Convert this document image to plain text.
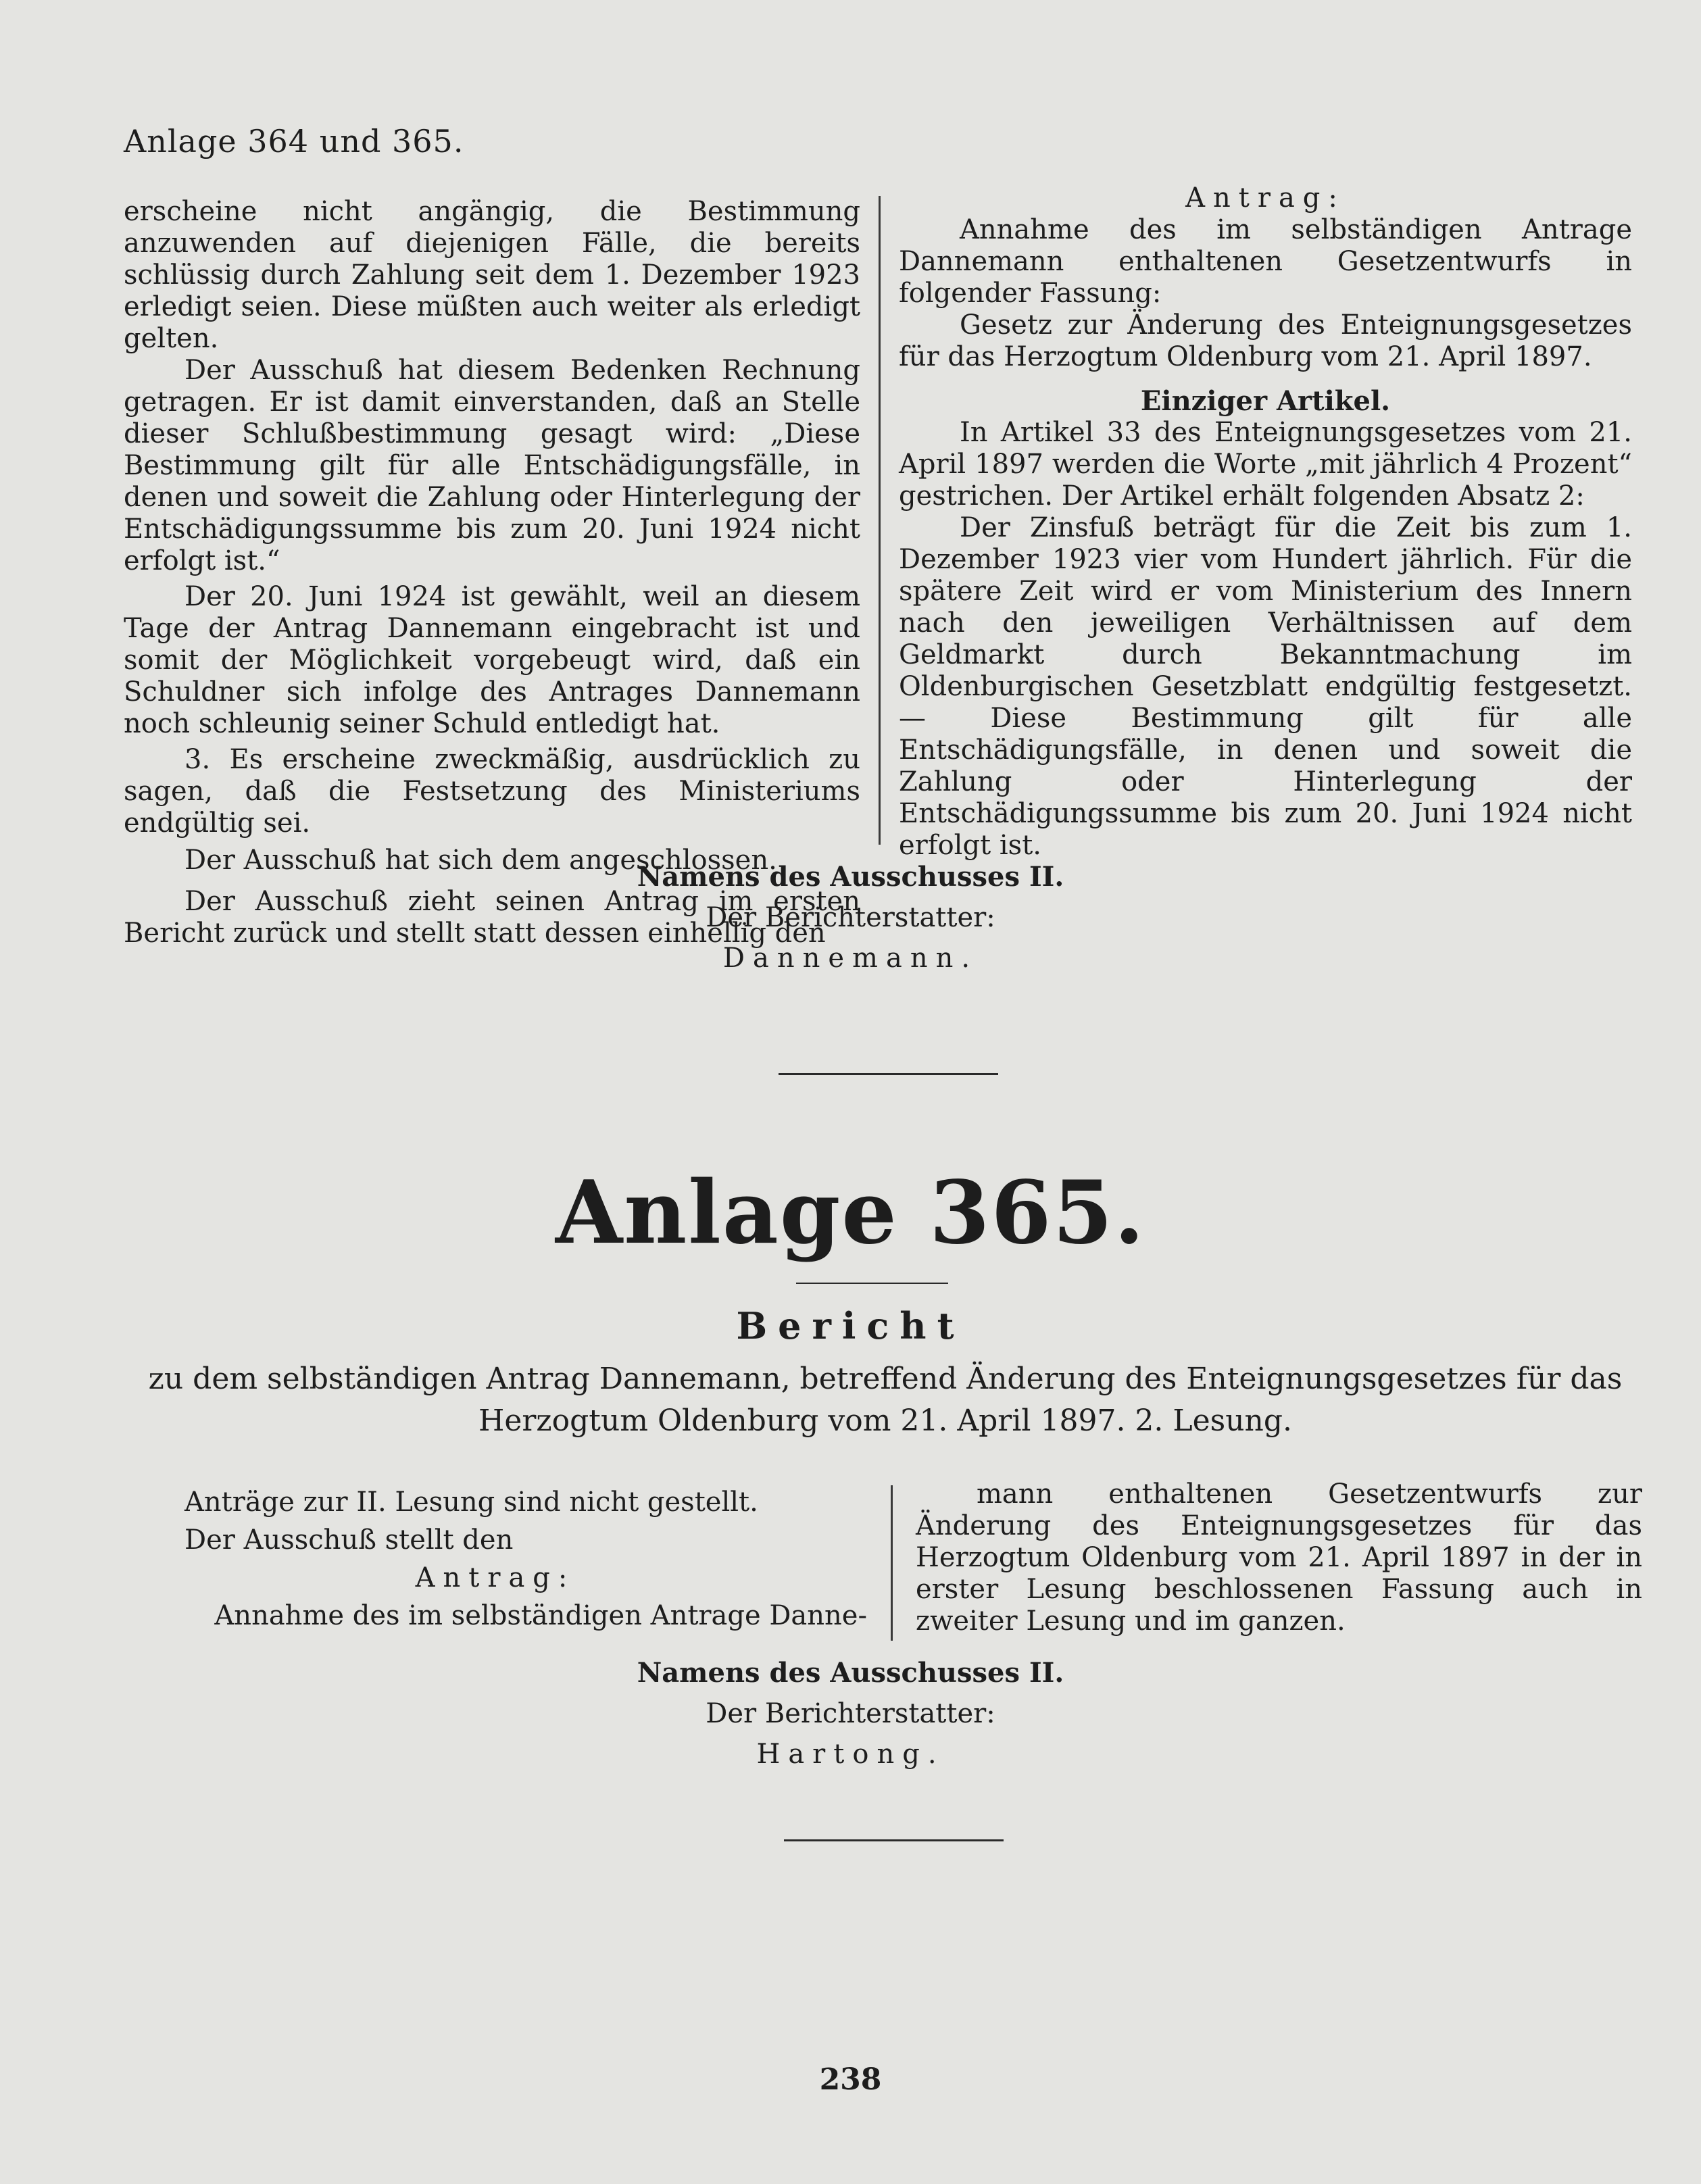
Anlage 364 und 365.

erscheine nicht angängig, die Bestimmung anzuwenden auf diejenigen Fälle, die bereits schlüssig durch Zahlung seit dem 1. Dezember 1923 erledigt seien. Diese müßten auch weiter als erledigt gelten.

Der Ausschuß hat diesem Bedenken Rechnung getragen. Er ist damit einverstanden, daß an Stelle dieser Schlußbestimmung gesagt wird: „Diese Bestimmung gilt für alle Entschädigungsfälle, in denen und soweit die Zahlung oder Hinterlegung der Entschädigungssumme bis zum 20. Juni 1924 nicht erfolgt ist.“

Der 20. Juni 1924 ist gewählt, weil an diesem Tage der Antrag Dannemann eingebracht ist und somit der Möglichkeit vorgebeugt wird, daß ein Schuldner sich infolge des Antrages Dannemann noch schleunig seiner Schuld entledigt hat.

3. Es erscheine zweckmäßig, ausdrücklich zu sagen, daß die Festsetzung des Ministeriums endgültig sei.

Der Ausschuß hat sich dem angeschlossen.

Der Ausschuß zieht seinen Antrag im ersten Bericht zurück und stellt statt dessen einhellig den

Antrag:

Annahme des im selbständigen Antrage Dannemann enthaltenen Gesetzentwurfs in folgender Fassung:

Gesetz zur Änderung des Enteignungsgesetzes für das Herzogtum Oldenburg vom 21. April 1897.

Einziger Artikel.

In Artikel 33 des Enteignungsgesetzes vom 21. April 1897 werden die Worte „mit jährlich 4 Prozent“ gestrichen. Der Artikel erhält folgenden Absatz 2:

Der Zinsfuß beträgt für die Zeit bis zum 1. Dezember 1923 vier vom Hundert jährlich. Für die spätere Zeit wird er vom Ministerium des Innern nach den jeweiligen Verhältnissen auf dem Geldmarkt durch Bekanntmachung im Oldenburgischen Gesetzblatt endgültig festgesetzt. — Diese Bestimmung gilt für alle Entschädigungsfälle, in denen und soweit die Zahlung oder Hinterlegung der Entschädigungssumme bis zum 20. Juni 1924 nicht erfolgt ist.

Namens des Ausschusses II.

Der Berichterstatter:

Dannemann.

Anlage 365.
Bericht
zu dem selbständigen Antrag Dannemann, betreffend Änderung des Enteignungsgesetzes für das Herzogtum Oldenburg vom 21. April 1897. 2. Lesung.

Anträge zur II. Lesung sind nicht gestellt.

Der Ausschuß stellt den

Antrag:

Annahme des im selbständigen Antrage Danne-

mann enthaltenen Gesetzentwurfs zur Änderung des Enteignungsgesetzes für das Herzogtum Oldenburg vom 21. April 1897 in der in erster Lesung beschlossenen Fassung auch in zweiter Lesung und im ganzen.

Namens des Ausschusses II.

Der Berichterstatter:

Hartong.

238
